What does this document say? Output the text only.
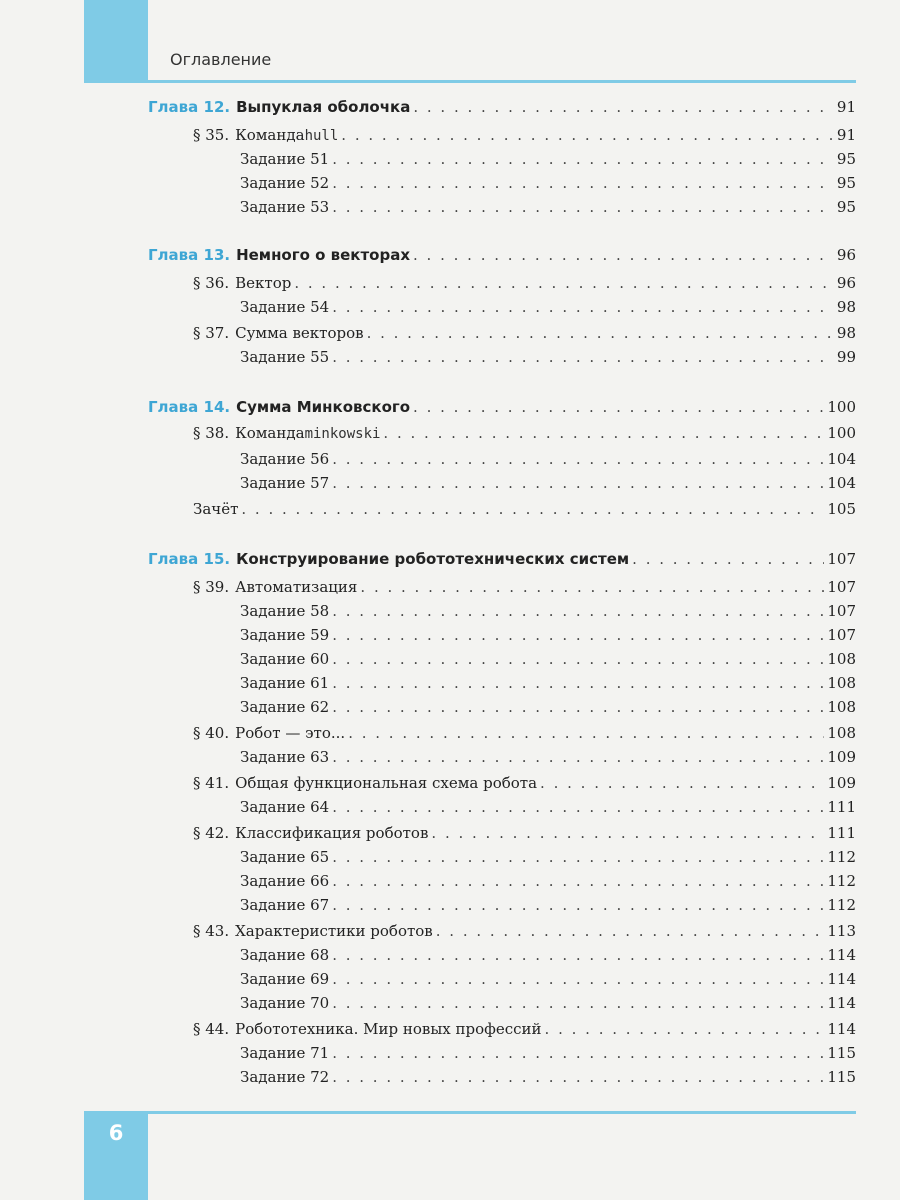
Оглавление
Глава 12. Выпуклая оболочка . . .	91
§ 35. Команда hull . . .	91
Задание 51 . . .	95
Задание 52 . . .	95
Задание 53 . . .	95
Глава 13. Немного о векторах . . .	96
§ 36. Вектор . . .	96
Задание 54 . . .	98
§ 37. Сумма векторов . . .	98
Задание 55 . . .	99
Глава 14. Сумма Минковского . . .	100
§ 38. Команда minkowski . . .	100
Задание 56 . . .	104
Задание 57 . . .	104
Зачёт . . .	105
Глава 15. Конструирование робототехнических систем . . .	107
§ 39. Автоматизация . . .	107
Задание 58 . . .	107
Задание 59 . . .	107
Задание 60 . . .	108
Задание 61 . . .	108
Задание 62 . . .	108
§ 40. Робот — это... . . .	108
Задание 63 . . .	109
§ 41. Общая функциональная схема робота . . .	109
Задание 64 . . .	111
§ 42. Классификация роботов . . .	111
Задание 65 . . .	112
Задание 66 . . .	112
Задание 67 . . .	112
§ 43. Характеристики роботов . . .	113
Задание 68 . . .	114
Задание 69 . . .	114
Задание 70 . . .	114
§ 44. Робототехника. Мир новых профессий . . .	114
Задание 71 . . .	115
Задание 72 . . .	115
6
